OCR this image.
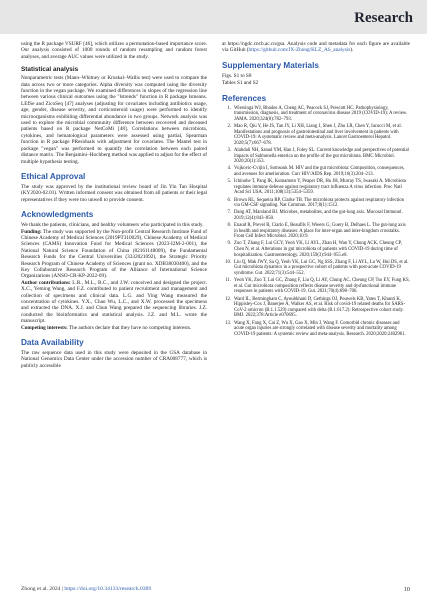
Research

using the R package VSURF [46], which utilizes a permutation-based importance score. Our analysis consisted of 1000 rounds of random resampling and random forest analyses, and average AUC values were utilized in the study.

Statistical analysis

Nonparametric tests (Mann–Whitney or Kruskal–Wallis test) were used to compare the data across two or more categories. Alpha diversity was computed using the diversity function in the vegan package. We examined differences in slopes of the regression line between various clinical outcomes using the "lstrends" function in R package lsmeans. LEfSe and ZicoSeq [47] analyses (adjusting for covariates including antibiotics usage, age, gender, disease severity, and corticosteroid usage) were performed to identify microorganisms exhibiting differential abundance in two groups. Network analysis was used to explore the microbial community difference between recovered and deceased patients based on R package NetCoMi [48]. Correlations between microbiota, cytokines, and hematological parameters were assessed using partial, Spearman function in R package PResiduals with adjustment for covariates. The Mantel test in package "vegan" was performed to quantify the correlation between each paired distance matrix. The Benjamini–Hochberg method was applied to adjust for the effect of multiple hypothesis testing.

Ethical Approval

The study was approved by the institutional review board of Jin Yin Tan Hospital (KY2020-02.01). Written informed consent was obtained from all patients or their legal representatives if they were too unwell to provide consent.

Acknowledgments

We thank the patients, clinicians, and healthy volunteers who participated in this study.

Funding: The study was supported by the Non-profit Central Research Institute Fund of Chinese Academy of Medical Sciences (2019PT310029), Chinese Academy of Medical Sciences (CAMS) Innovation Fund for Medical Sciences (2023-I2M-2-001), the National Natural Science Foundation of China (82161148009), the Fundamental Research Funds for the Central Universities (3332021092), the Strategic Priority Research Program of Chinese Academy of Sciences (grant no. XDB38030400), and the Key Collaborative Research Program of the Alliance of International Science Organizations (ANSO-CR-KP-2022-09).

Author contributions: L.R., M.L., B.C., and J.W. conceived and designed the project. X.C., Yeming Wang, and F.Z. contributed to patient recruitment and management and collection of specimens and clinical data. L.G. and Ying Wang measured the concentration of cytokines. Y.X., Chao Wu, L.C., and X.W. processed the specimens and extracted the DNA. X.J. and Chun Wang prepared the sequencing libraries. J.Z. conducted the bioinformatics and statistical analysis. J.Z. and M.L. wrote the manuscript.

Competing interests: The authors declare that they have no competing interests.

Data Availability

The raw sequence data used in this study were deposited in the GSA database in National Genomics Data Center under the accession number of CRA008777, which is publicly accessible

at https://ngdc.cncb.ac.cn/gsa. Analysis code and metadata for each figure are available via GitHub (https://github.com/JX-Zhong/KLZ_AS_analysis).

Supplementary Materials

Figs. S1 to S8

Tables S1 and S2

References
1. Wiersinga WJ, Rhodes A, Cheng AC, Peacock SJ, Prescott HC. Pathophysiology, transmission, diagnosis, and treatment of coronavirus disease 2019 (COVID-19): A review. JAMA. 2020;324(8):782–793.
2. Mao R, Qiu Y, He JS, Tan JY, Li XH, Liang J, Shen J, Zhu LR, Chen Y, Iacucci M, et al. Manifestations and prognosis of gastrointestinal and liver involvement in patients with COVID-19: A systematic review and meta-analysis. Lancet Gastroenterol Hepatol. 2020;5(7):667–678.
3. Alabdali NH, Sanad YM, Han J, Foley SL. Current knowledge and perspectives of potential impacts of Salmonella enterica on the profile of the gut microbiota. BMC Microbiol. 2020;20(1):353.
4. Vujkovic-Cvijin I, Somsouk M. HIV and the gut microbiota: Composition, consequences, and avenues for amelioration. Curr HIV/AIDS Rep. 2019;16(3):204–213.
5. Ichinohe T, Pang IK, Kumamoto Y, Peaper DR, Ho JH, Murray TS, Iwasaki A. Microbiota regulates immune defense against respiratory tract influenza A virus infection. Proc Natl Acad Sci USA. 2011;108(13):5354–5359.
6. Brown RL, Sequeira RP, Clarke TB. The microbiota protects against respiratory infection via GM-CSF signaling. Nat Commun. 2017;8(1):1512.
7. Dang AT, Marsland BJ. Microbes, metabolites, and the gut-lung axis. Mucosal Immunol. 2019;12(4):843–850.
8. Enaud R, Prevel R, Ciarlo E, Beaufils F, Wieers G, Guery B, Delhaes L. The gut-lung axis in health and respiratory diseases: A place for inter-organ and inter-kingdom crosstalks. Front Cell Infect Microbiol. 2020;10:9.
9. Zuo T, Zhang F, Lui GCY, Yeoh YK, Li AYL, Zhan H, Wan Y, Chung ACK, Cheung CP, Chen N, et al. Alterations in gut microbiota of patients with COVID-19 during time of hospitalization. Gastroenterology. 2020;159(3):944–955.e8.
10. Liu Q, Mak JWY, Su Q, Yeoh YK, Lui GC, Ng SSS, Zhang F, Li AYL, Lu W, Hui DS, et al. Gut microbiota dynamics in a prospective cohort of patients with post-acute COVID-19 syndrome. Gut. 2022;71(3):544–552.
11. Yeoh YK, Zuo T, Lui GC, Zhang F, Liu Q, Li AY, Chung AC, Cheung CP, Tso EY, Fung KS, et al. Gut microbiota composition reflects disease severity and dysfunctional immune responses in patients with COVID-19. Gut. 2021;70(4):698–706.
12. Ward IL, Bermingham C, Ayoubkhani D, Gethings OJ, Pouwels KB, Yates T, Khunti K, Hippisley-Cox J, Banerjee A, Walker AS, et al. Risk of covid-19 related deaths for SARS-CoV-2 omicron (B.1.1.529) compared with delta (B.1.617.2): Retrospective cohort study. BMJ. 2022;378:Article e070695.
13. Wang X, Fang X, Cai Z, Wu X, Gao X, Min J, Wang F. Comorbid chronic diseases and acute organ injuries are strongly correlated with disease severity and mortality among COVID-19 patients: A systemic review and meta-analysis. Research. 2020;2020:2402961.
Zhong et al. 2024 | https://doi.org/10.34133/research.0389	10
